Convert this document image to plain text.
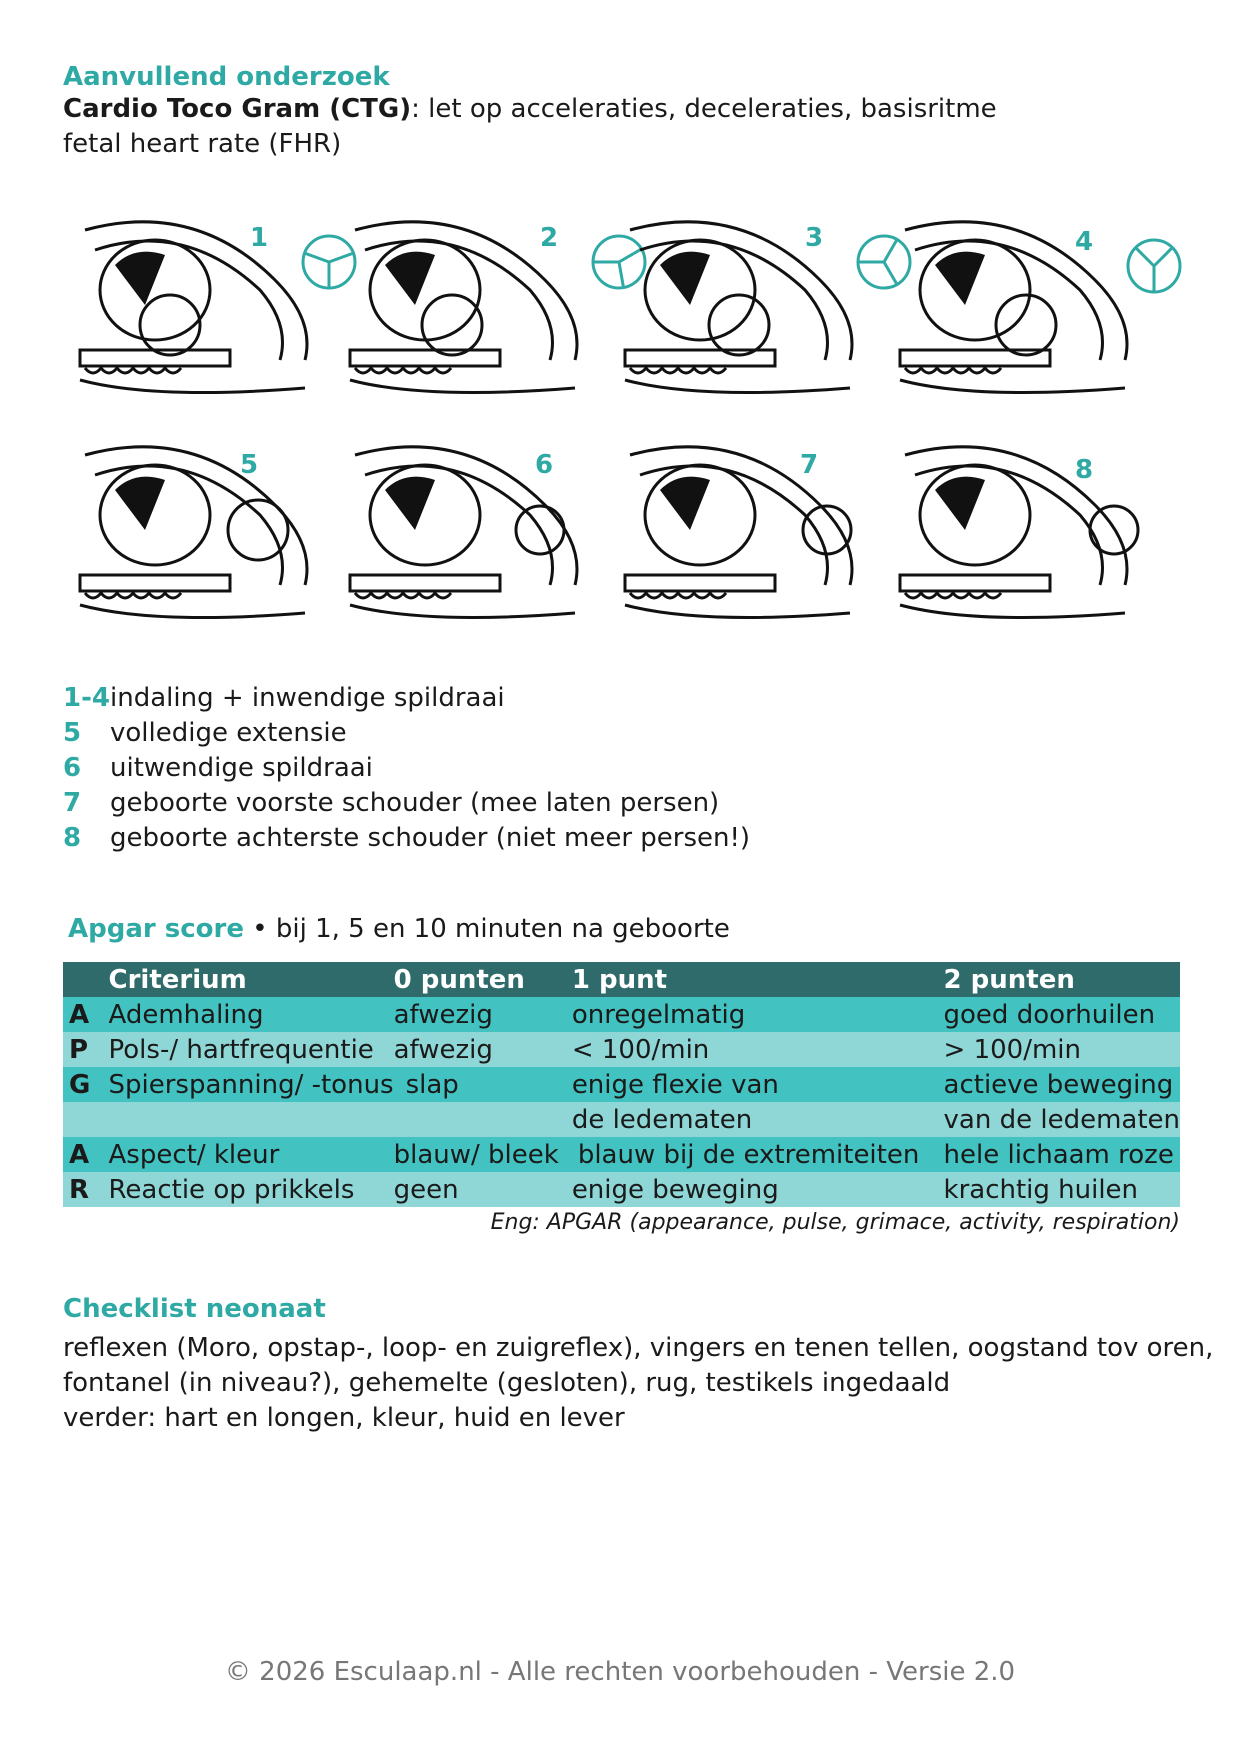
Aanvullend onderzoek
Cardio Toco Gram (CTG): let op acceleraties, deceleraties, basisritme
fetal heart rate (FHR)
1	2	3	4
5	6	7	8
1-4indaling + inwendige spildraai
5 volledige extensie
6 uitwendige spildraai
7 geboorte voorste schouder (mee laten persen)
8 geboorte achterste schouder (niet meer persen!)
Apgar score • bij 1, 5 en 10 minuten na geboorte
	Criterium	0 punten	1 punt	2 punten
A	Ademhaling	afwezig	onregelmatig	goed doorhuilen
P	Pols-/ hartfrequentie	afwezig	< 100/min	> 100/min
G	Spierspanning/ -tonus	slap	enige flexie van	actieve beweging
			de ledematen	van de ledematen
A	Aspect/ kleur	blauw/ bleek	blauw bij de extremiteiten	hele lichaam roze
R	Reactie op prikkels	geen	enige beweging	krachtig huilen
Eng: APGAR (appearance, pulse, grimace, activity, respiration)
Checklist neonaat
reflexen (Moro, opstap-, loop- en zuigreflex), vingers en tenen tellen, oogstand tov oren,
fontanel (in niveau?), gehemelte (gesloten), rug, testikels ingedaald
verder: hart en longen, kleur, huid en lever
© 2026 Esculaap.nl - Alle rechten voorbehouden - Versie 2.0
